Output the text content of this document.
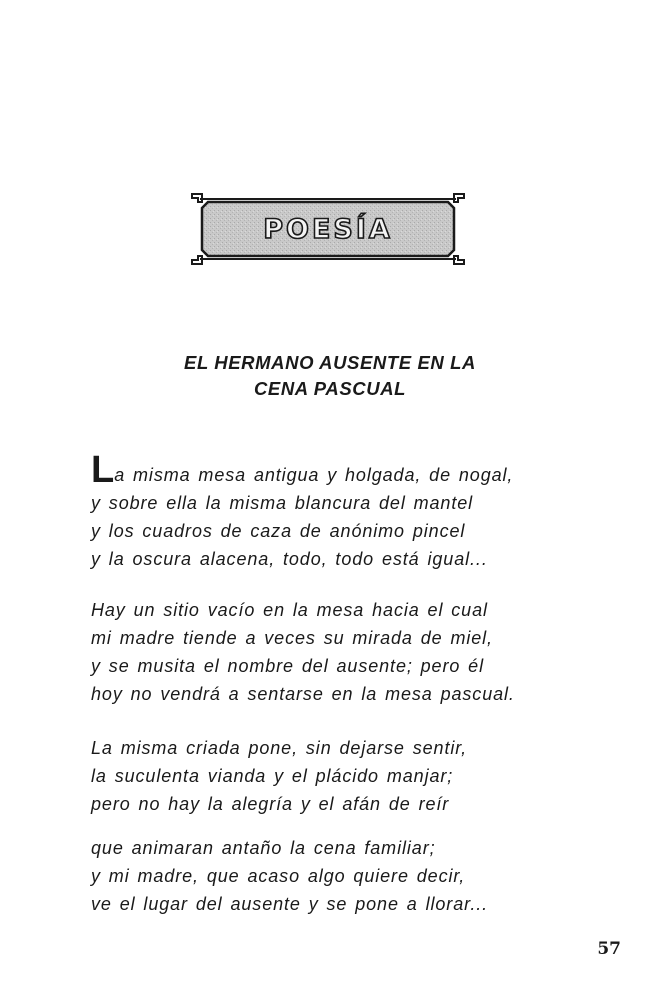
POESÍA
EL HERMANO AUSENTE EN LA
CENA PASCUAL
La misma mesa antigua y holgada, de nogal,
y sobre ella la misma blancura del mantel
y los cuadros de caza de anónimo pincel
y la oscura alacena, todo, todo está igual...
Hay un sitio vacío en la mesa hacia el cual
mi madre tiende a veces su mirada de miel,
y se musita el nombre del ausente; pero él
hoy no vendrá a sentarse en la mesa pascual.
La misma criada pone, sin dejarse sentir,
la suculenta vianda y el plácido manjar;
pero no hay la alegría y el afán de reír
que animaran antaño la cena familiar;
y mi madre, que acaso algo quiere decir,
ve el lugar del ausente y se pone a llorar...
57
